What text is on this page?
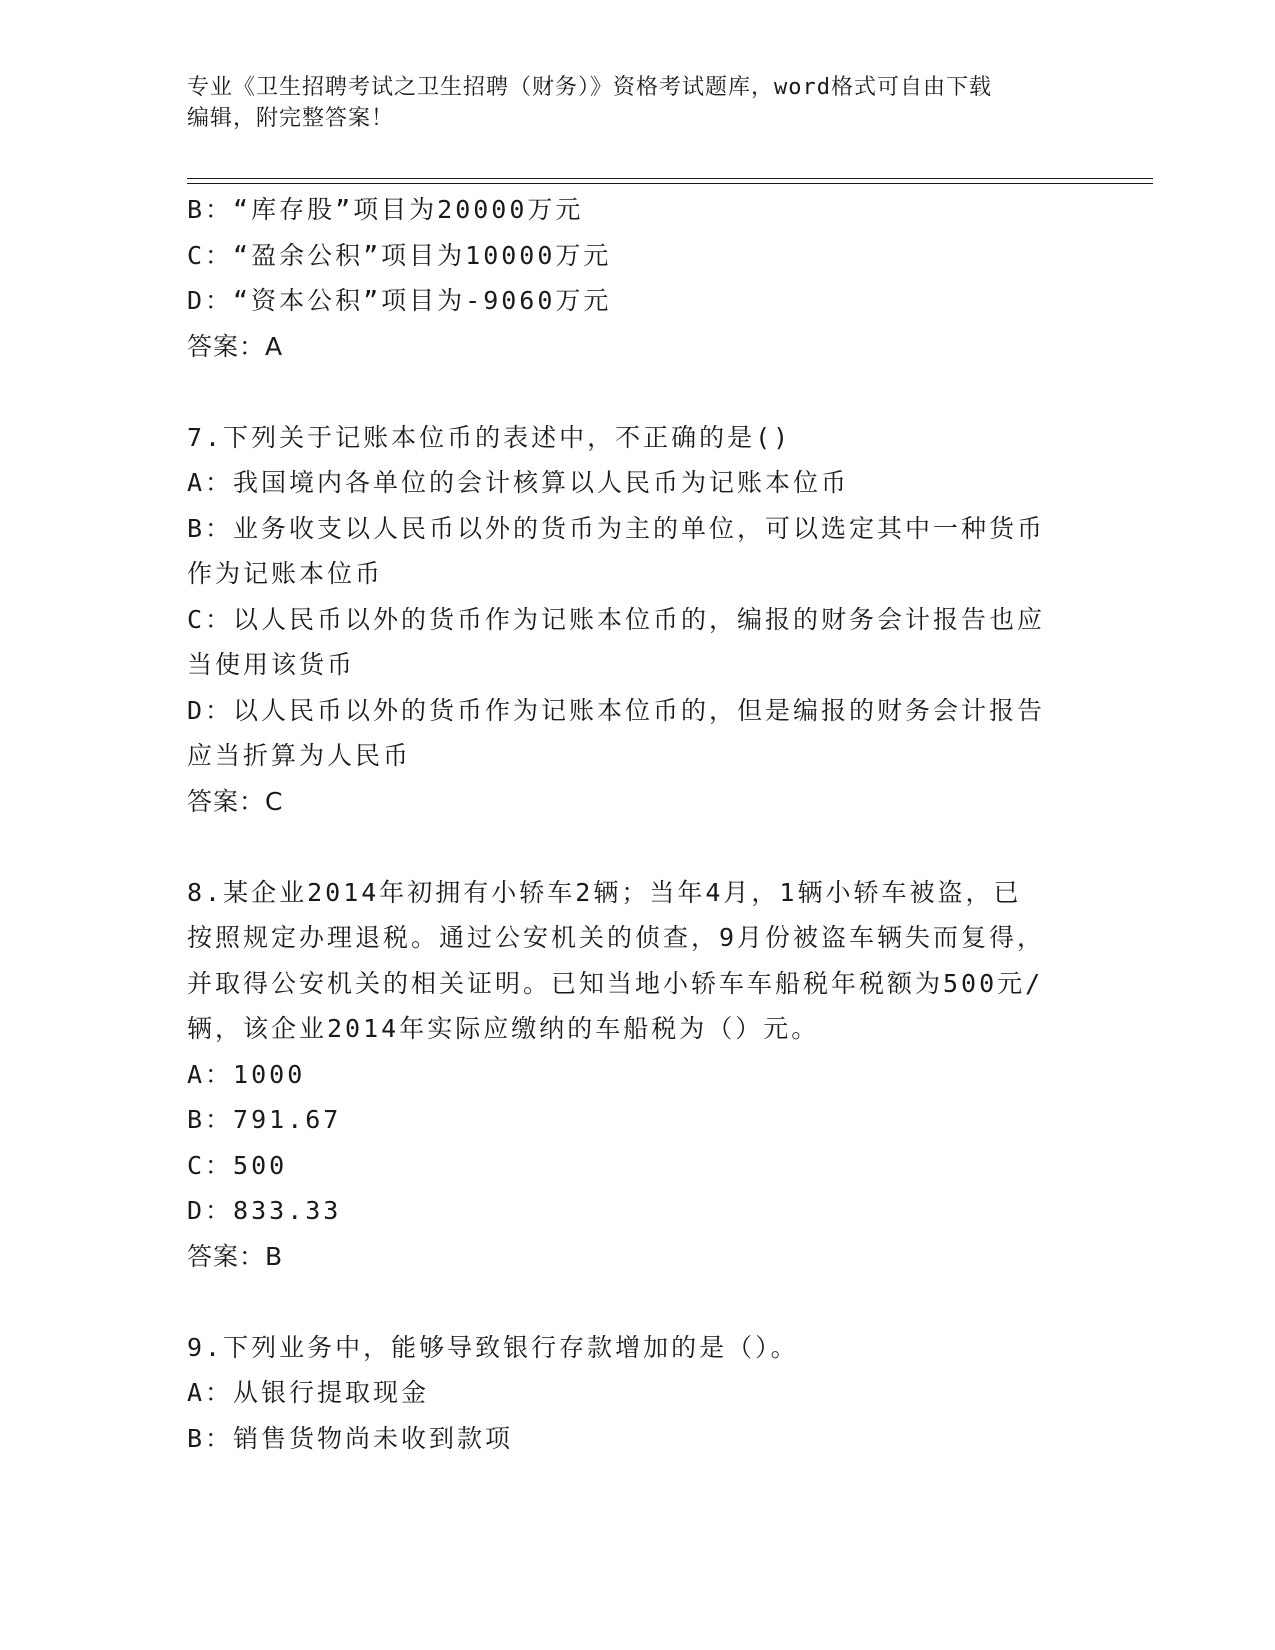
专业《卫生招聘考试之卫生招聘（财务）》资格考试题库，word格式可自由下载
编辑，附完整答案！
B：“库存股”项目为20000万元
C：“盈余公积”项目为10000万元
D：“资本公积”项目为-9060万元
答案：A
7.下列关于记账本位币的表述中，不正确的是()
A：我国境内各单位的会计核算以人民币为记账本位币
B：业务收支以人民币以外的货币为主的单位，可以选定其中一种货币
作为记账本位币
C：以人民币以外的货币作为记账本位币的，编报的财务会计报告也应
当使用该货币
D：以人民币以外的货币作为记账本位币的，但是编报的财务会计报告
应当折算为人民币
答案：C
8.某企业2014年初拥有小轿车2辆；当年4月，1辆小轿车被盗，已
按照规定办理退税。通过公安机关的侦查，9月份被盗车辆失而复得，
并取得公安机关的相关证明。已知当地小轿车车船税年税额为500元/
辆，该企业2014年实际应缴纳的车船税为（）元。
A：1000
B：791.67
C：500
D：833.33
答案：B
9.下列业务中，能够导致银行存款增加的是（）。
A：从银行提取现金
B：销售货物尚未收到款项
